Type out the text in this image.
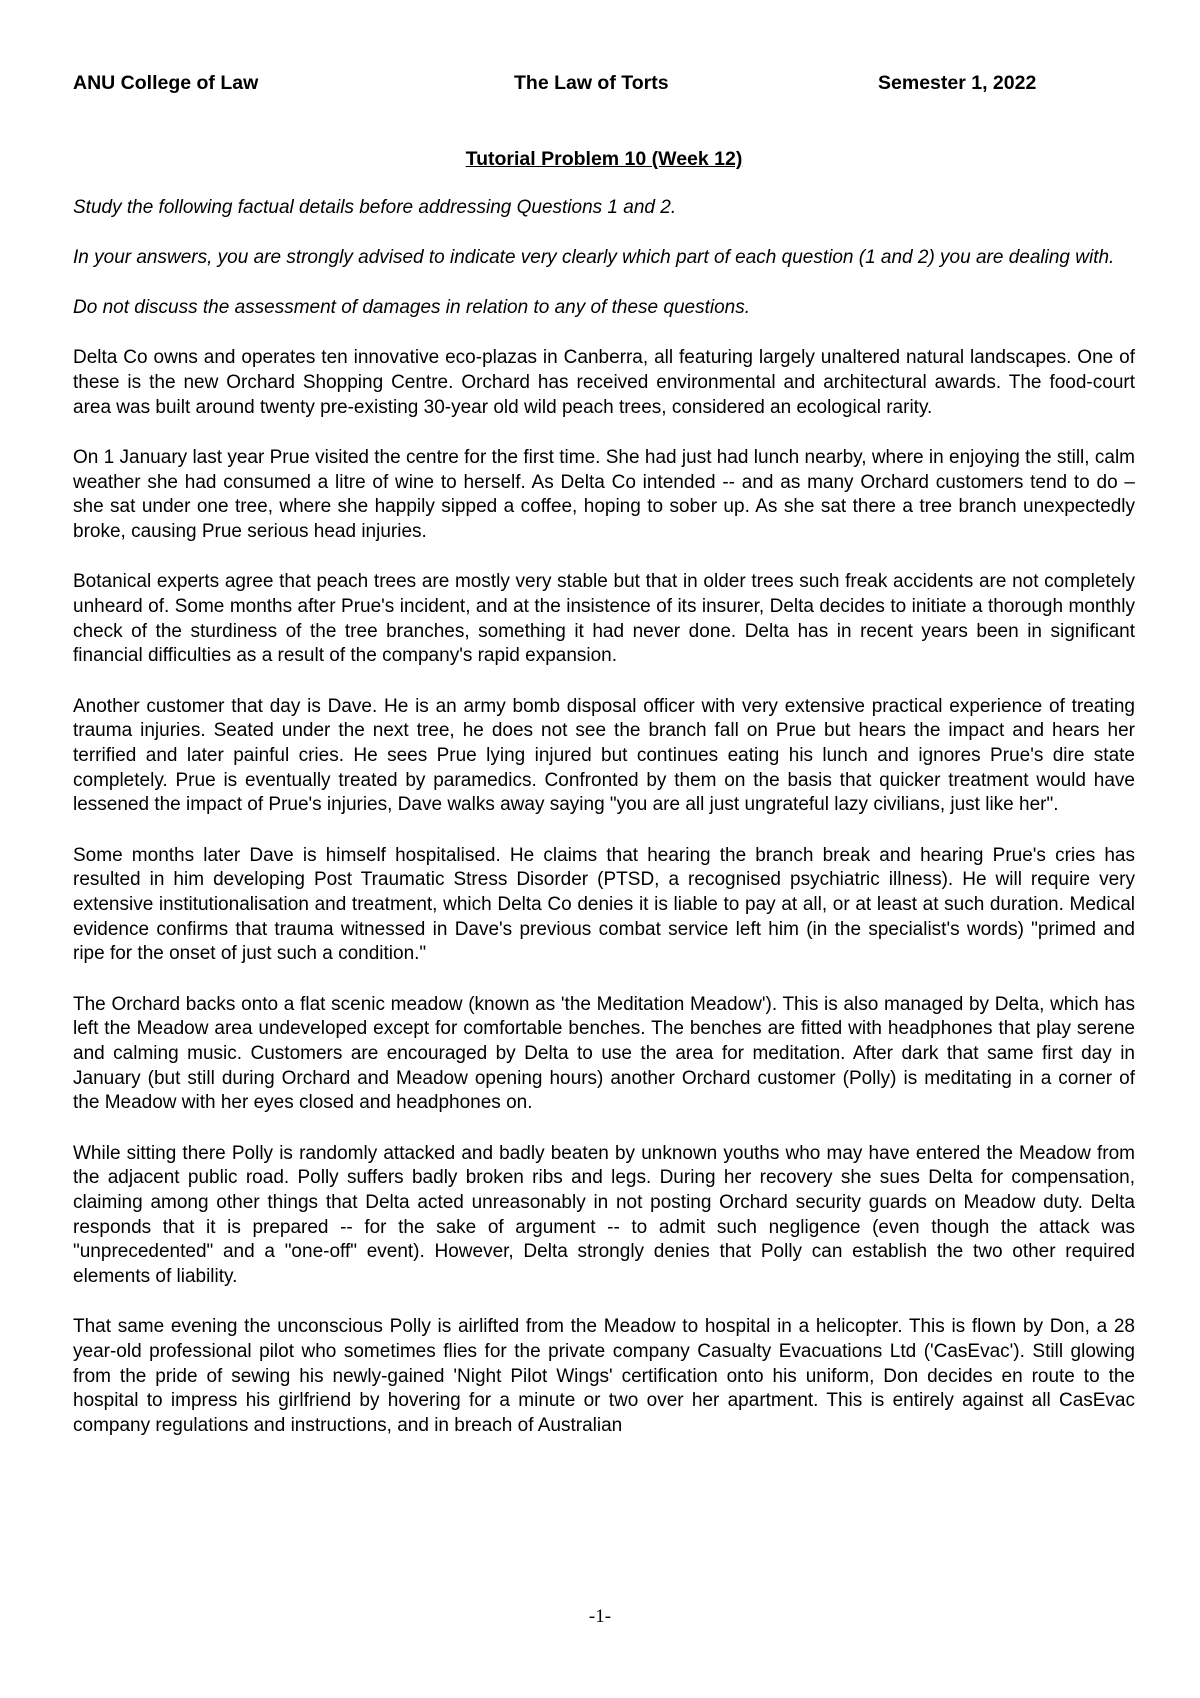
ANU College of Law	The Law of Torts	Semester 1, 2022

Tutorial Problem 10 (Week 12)

Study the following factual details before addressing Questions 1 and 2.

In your answers, you are strongly advised to indicate very clearly which part of each question (1 and 2) you are dealing with.

Do not discuss the assessment of damages in relation to any of these questions.

Delta Co owns and operates ten innovative eco-plazas in Canberra, all featuring largely unaltered natural landscapes. One of these is the new Orchard Shopping Centre. Orchard has received environmental and architectural awards. The food-court area was built around twenty pre-existing 30-year old wild peach trees, considered an ecological rarity.

On 1 January last year Prue visited the centre for the first time. She had just had lunch nearby, where in enjoying the still, calm weather she had consumed a litre of wine to herself. As Delta Co intended -- and as many Orchard customers tend to do – she sat under one tree, where she happily sipped a coffee, hoping to sober up. As she sat there a tree branch unexpectedly broke, causing Prue serious head injuries.

Botanical experts agree that peach trees are mostly very stable but that in older trees such freak accidents are not completely unheard of. Some months after Prue's incident, and at the insistence of its insurer, Delta decides to initiate a thorough monthly check of the sturdiness of the tree branches, something it had never done. Delta has in recent years been in significant financial difficulties as a result of the company's rapid expansion.

Another customer that day is Dave. He is an army bomb disposal officer with very extensive practical experience of treating trauma injuries. Seated under the next tree, he does not see the branch fall on Prue but hears the impact and hears her terrified and later painful cries. He sees Prue lying injured but continues eating his lunch and ignores Prue's dire state completely. Prue is eventually treated by paramedics. Confronted by them on the basis that quicker treatment would have lessened the impact of Prue's injuries, Dave walks away saying "you are all just ungrateful lazy civilians, just like her".

Some months later Dave is himself hospitalised. He claims that hearing the branch break and hearing Prue's cries has resulted in him developing Post Traumatic Stress Disorder (PTSD, a recognised psychiatric illness). He will require very extensive institutionalisation and treatment, which Delta Co denies it is liable to pay at all, or at least at such duration. Medical evidence confirms that trauma witnessed in Dave's previous combat service left him (in the specialist's words) "primed and ripe for the onset of just such a condition."

The Orchard backs onto a flat scenic meadow (known as 'the Meditation Meadow'). This is also managed by Delta, which has left the Meadow area undeveloped except for comfortable benches. The benches are fitted with headphones that play serene and calming music. Customers are encouraged by Delta to use the area for meditation. After dark that same first day in January (but still during Orchard and Meadow opening hours) another Orchard customer (Polly) is meditating in a corner of the Meadow with her eyes closed and headphones on.

While sitting there Polly is randomly attacked and badly beaten by unknown youths who may have entered the Meadow from the adjacent public road. Polly suffers badly broken ribs and legs. During her recovery she sues Delta for compensation, claiming among other things that Delta acted unreasonably in not posting Orchard security guards on Meadow duty. Delta responds that it is prepared -- for the sake of argument -- to admit such negligence (even though the attack was "unprecedented" and a "one-off" event). However, Delta strongly denies that Polly can establish the two other required elements of liability.

That same evening the unconscious Polly is airlifted from the Meadow to hospital in a helicopter. This is flown by Don, a 28 year-old professional pilot who sometimes flies for the private company Casualty Evacuations Ltd ('CasEvac'). Still glowing from the pride of sewing his newly-gained 'Night Pilot Wings' certification onto his uniform, Don decides en route to the hospital to impress his girlfriend by hovering for a minute or two over her apartment. This is entirely against all CasEvac company regulations and instructions, and in breach of Australian

-1-
